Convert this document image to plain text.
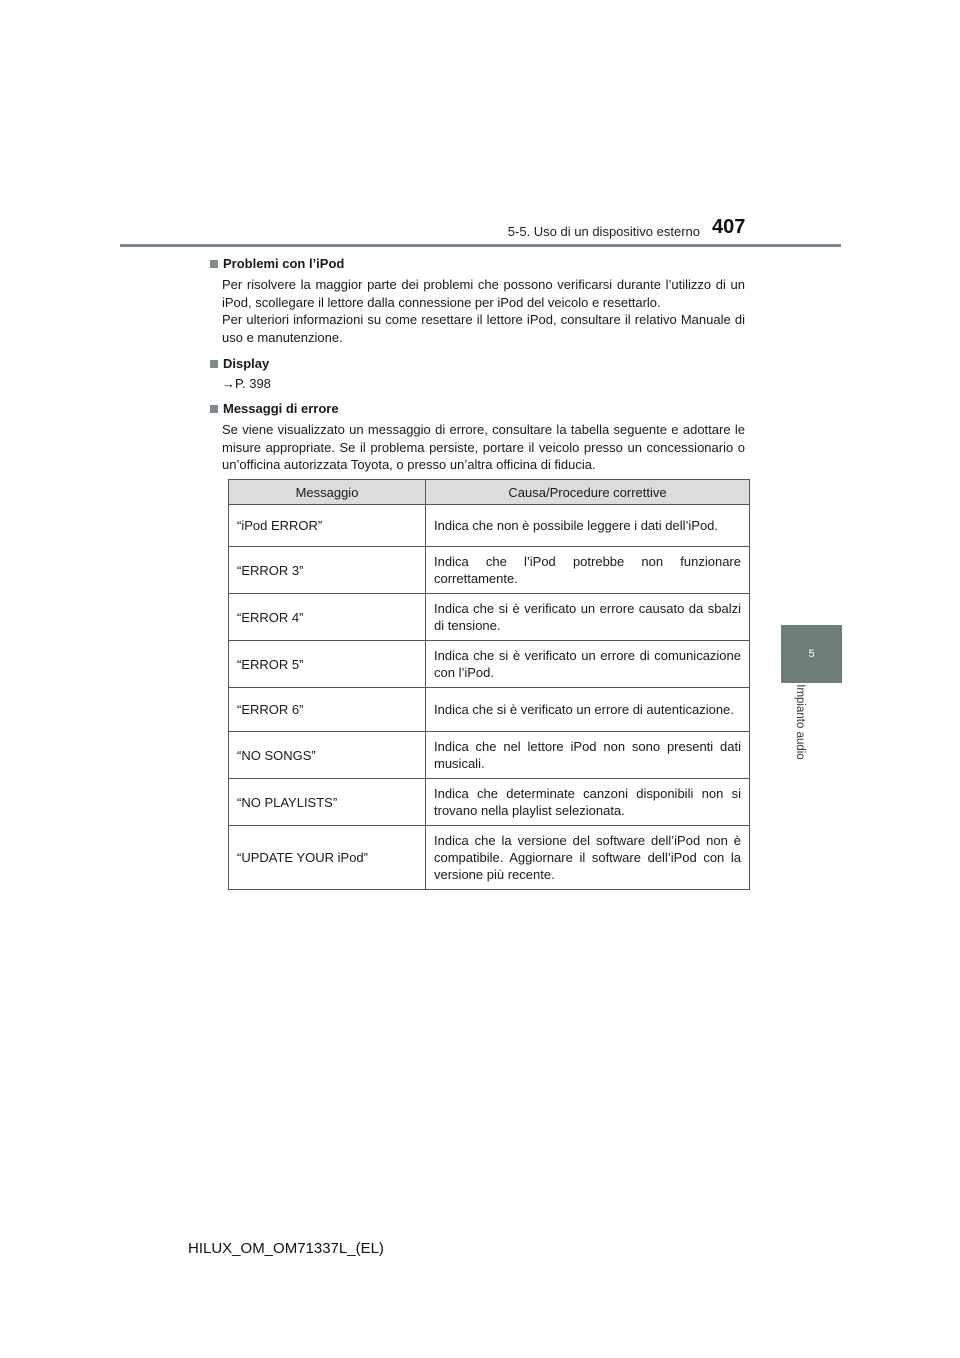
5-5. Uso di un dispositivo esterno 407
5
Impianto audio
Problemi con l’iPod
Per risolvere la maggior parte dei problemi che possono verificarsi durante l’utilizzo di un iPod, scollegare il lettore dalla connessione per iPod del veicolo e resettarlo.
Per ulteriori informazioni su come resettare il lettore iPod, consultare il relativo Manuale di uso e manutenzione.
Display
→P. 398
Messaggi di errore
Se viene visualizzato un messaggio di errore, consultare la tabella seguente e adottare le misure appropriate. Se il problema persiste, portare il veicolo presso un concessionario o un’officina autorizzata Toyota, o presso un’altra officina di fiducia.
Messaggio	Causa/Procedure correttive
“iPod ERROR”	Indica che non è possibile leggere i dati dell’iPod.
“ERROR 3”	Indica che l’iPod potrebbe non funzionare correttamente.
“ERROR 4”	Indica che si è verificato un errore causato da sbalzi di tensione.
“ERROR 5”	Indica che si è verificato un errore di comunicazione con l’iPod.
“ERROR 6”	Indica che si è verificato un errore di autenticazione.
“NO SONGS”	Indica che nel lettore iPod non sono presenti dati musicali.
“NO PLAYLISTS”	Indica che determinate canzoni disponibili non si trovano nella playlist selezionata.
“UPDATE YOUR iPod”	Indica che la versione del software dell’iPod non è compatibile. Aggiornare il software dell’iPod con la versione più recente.
HILUX_OM_OM71337L_(EL)
